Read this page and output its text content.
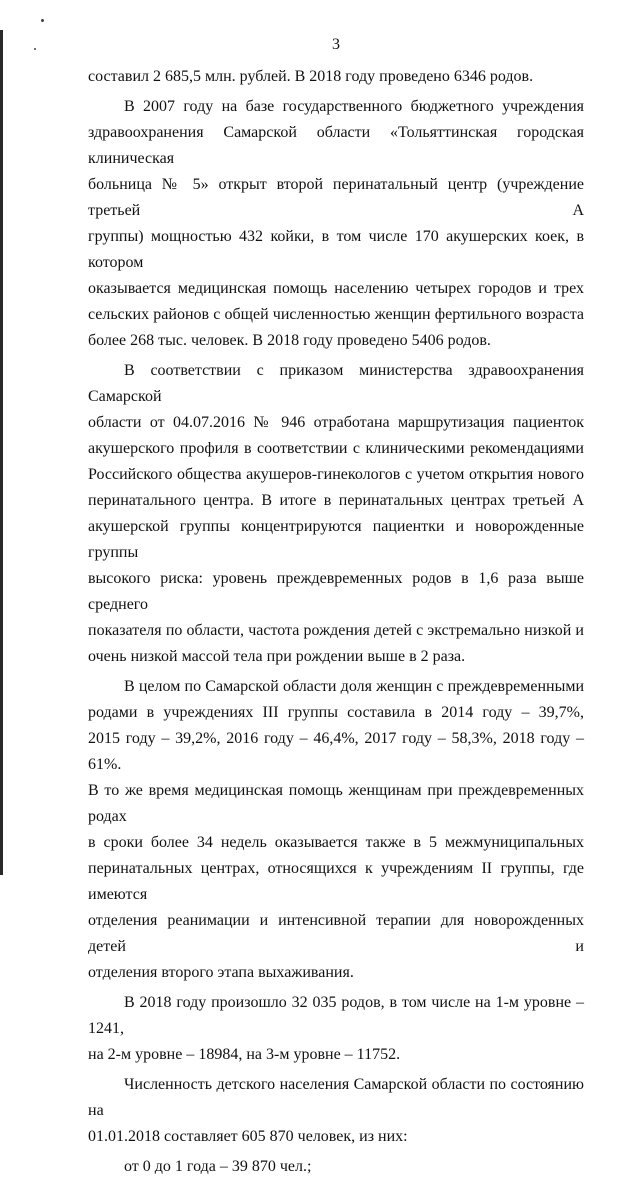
3
составил 2 685,5 млн. рублей. В 2018 году проведено 6346 родов.
В 2007 году на базе государственного бюджетного учреждения
здравоохранения Самарской области «Тольяттинская городская клиническая
больница № 5» открыт второй перинатальный центр (учреждение третьей А
группы) мощностью 432 койки, в том числе 170 акушерских коек, в котором
оказывается медицинская помощь населению четырех городов и трех
сельских районов с общей численностью женщин фертильного возраста
более 268 тыс. человек. В 2018 году проведено 5406 родов.
В соответствии с приказом министерства здравоохранения Самарской
области от 04.07.2016 № 946 отработана маршрутизация пациенток
акушерского профиля в соответствии с клиническими рекомендациями
Российского общества акушеров-гинекологов с учетом открытия нового
перинатального центра. В итоге в перинатальных центрах третьей А
акушерской группы концентрируются пациентки и новорожденные группы
высокого риска: уровень преждевременных родов в 1,6 раза выше среднего
показателя по области, частота рождения детей с экстремально низкой и
очень низкой массой тела при рождении выше в 2 раза.
В целом по Самарской области доля женщин с преждевременными
родами в учреждениях III группы составила в 2014 году – 39,7%,
2015 году – 39,2%, 2016 году – 46,4%, 2017 году – 58,3%, 2018 году – 61%.
В то же время медицинская помощь женщинам при преждевременных родах
в сроки более 34 недель оказывается также в 5 межмуниципальных
перинатальных центрах, относящихся к учреждениям II группы, где имеются
отделения реанимации и интенсивной терапии для новорожденных детей и
отделения второго этапа выхаживания.
В 2018 году произошло 32 035 родов, в том числе на 1-м уровне – 1241,
на 2-м уровне – 18984, на 3-м уровне – 11752.
Численность детского населения Самарской области по состоянию на
01.01.2018 составляет 605 870 человек, из них:
от 0 до 1 года – 39 870 чел.;
